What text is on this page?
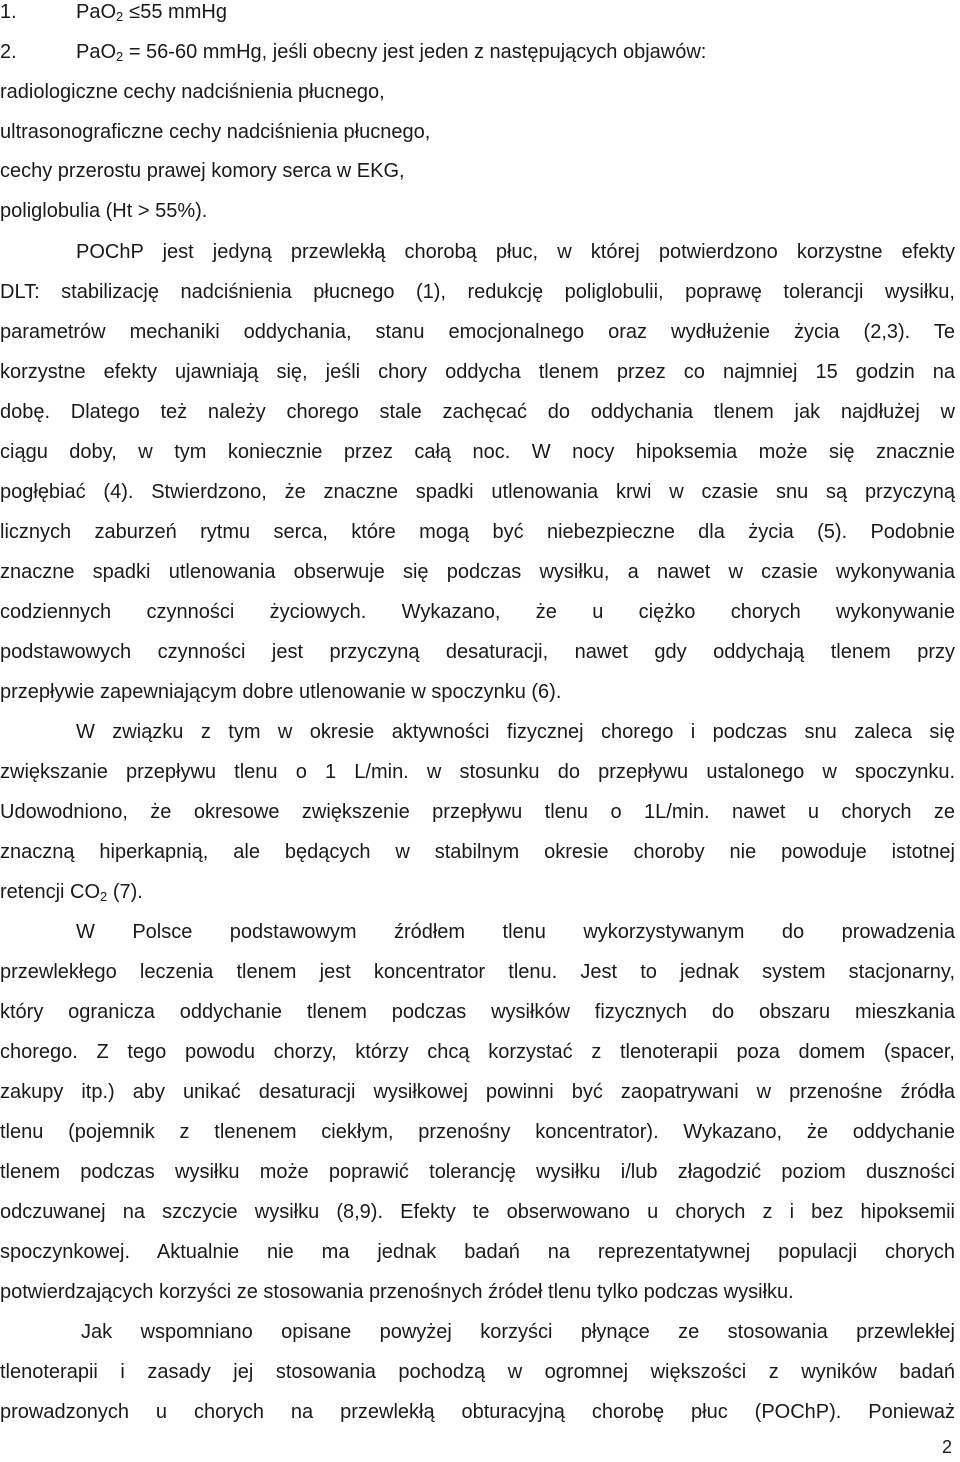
1.	PaO$_2$ ≤55 mmHg
2.	PaO$_2$ = 56-60 mmHg, jeśli obecny jest jeden z następujących objawów:
radiologiczne cechy nadciśnienia płucnego,
ultrasonograficzne cechy nadciśnienia płucnego,
cechy przerostu prawej komory serca w EKG,
poliglobulia (Ht > 55%).
POChP jest jedyną przewlekłą chorobą płuc, w której potwierdzono korzystne efekty
DLT: stabilizację nadciśnienia płucnego (1), redukcję poliglobulii, poprawę tolerancji wysiłku,
parametrów mechaniki oddychania, stanu emocjonalnego oraz wydłużenie życia (2,3). Te
korzystne efekty ujawniają się, jeśli chory oddycha tlenem przez co najmniej 15 godzin na
dobę. Dlatego też należy chorego stale zachęcać do oddychania tlenem jak najdłużej w
ciągu doby, w tym koniecznie przez całą noc. W nocy hipoksemia może się znacznie
pogłębiać (4). Stwierdzono, że znaczne spadki utlenowania krwi w czasie snu są przyczyną
licznych zaburzeń rytmu serca, które mogą być niebezpieczne dla życia (5). Podobnie
znaczne spadki utlenowania obserwuje się podczas wysiłku, a nawet w czasie wykonywania
codziennych czynności życiowych. Wykazano, że u ciężko chorych wykonywanie
podstawowych czynności jest przyczyną desaturacji, nawet gdy oddychają tlenem przy
przepływie zapewniającym dobre utlenowanie w spoczynku (6).
W związku z tym w okresie aktywności fizycznej chorego i podczas snu zaleca się
zwiększanie przepływu tlenu o 1 L/min. w stosunku do przepływu ustalonego w spoczynku.
Udowodniono, że okresowe zwiększenie przepływu tlenu o 1L/min. nawet u chorych ze
znaczną hiperkapnią, ale będących w stabilnym okresie choroby nie powoduje istotnej
retencji $CO_2$ (7).
W Polsce podstawowym źródłem tlenu wykorzystywanym do prowadzenia
przewlekłego leczenia tlenem jest koncentrator tlenu. Jest to jednak system stacjonarny,
który ogranicza oddychanie tlenem podczas wysiłków fizycznych do obszaru mieszkania
chorego. Z tego powodu chorzy, którzy chcą korzystać z tlenoterapii poza domem (spacer,
zakupy itp.) aby unikać desaturacji wysiłkowej powinni być zaopatrywani w przenośne źródła
tlenu (pojemnik z tlenenem ciekłym, przenośny koncentrator). Wykazano, że oddychanie
tlenem podczas wysiłku może poprawić tolerancję wysiłku i/lub złagodzić poziom duszności
odczuwanej na szczycie wysiłku (8,9). Efekty te obserwowano u chorych z i bez hipoksemii
spoczynkowej. Aktualnie nie ma jednak badań na reprezentatywnej populacji chorych
potwierdzających korzyści ze stosowania przenośnych źródeł tlenu tylko podczas wysiłku.
Jak wspomniano opisane powyżej korzyści płynące ze stosowania przewlekłej
tlenoterapii i zasady jej stosowania pochodzą w ogromnej większości z wyników badań
prowadzonych u chorych na przewlekłą obturacyjną chorobę płuc (POChP). Ponieważ
2
